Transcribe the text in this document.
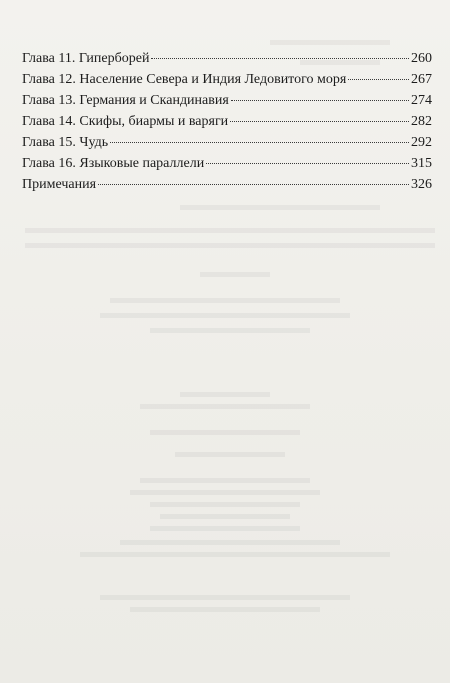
Глава 11. Гиперборей	260
Глава 12. Население Севера и Индия Ледовитого моря	267
Глава 13. Германия и Скандинавия	274
Глава 14. Скифы, биармы и варяги	282
Глава 15. Чудь	292
Глава 16. Языковые параллели	315
Примечания	326
